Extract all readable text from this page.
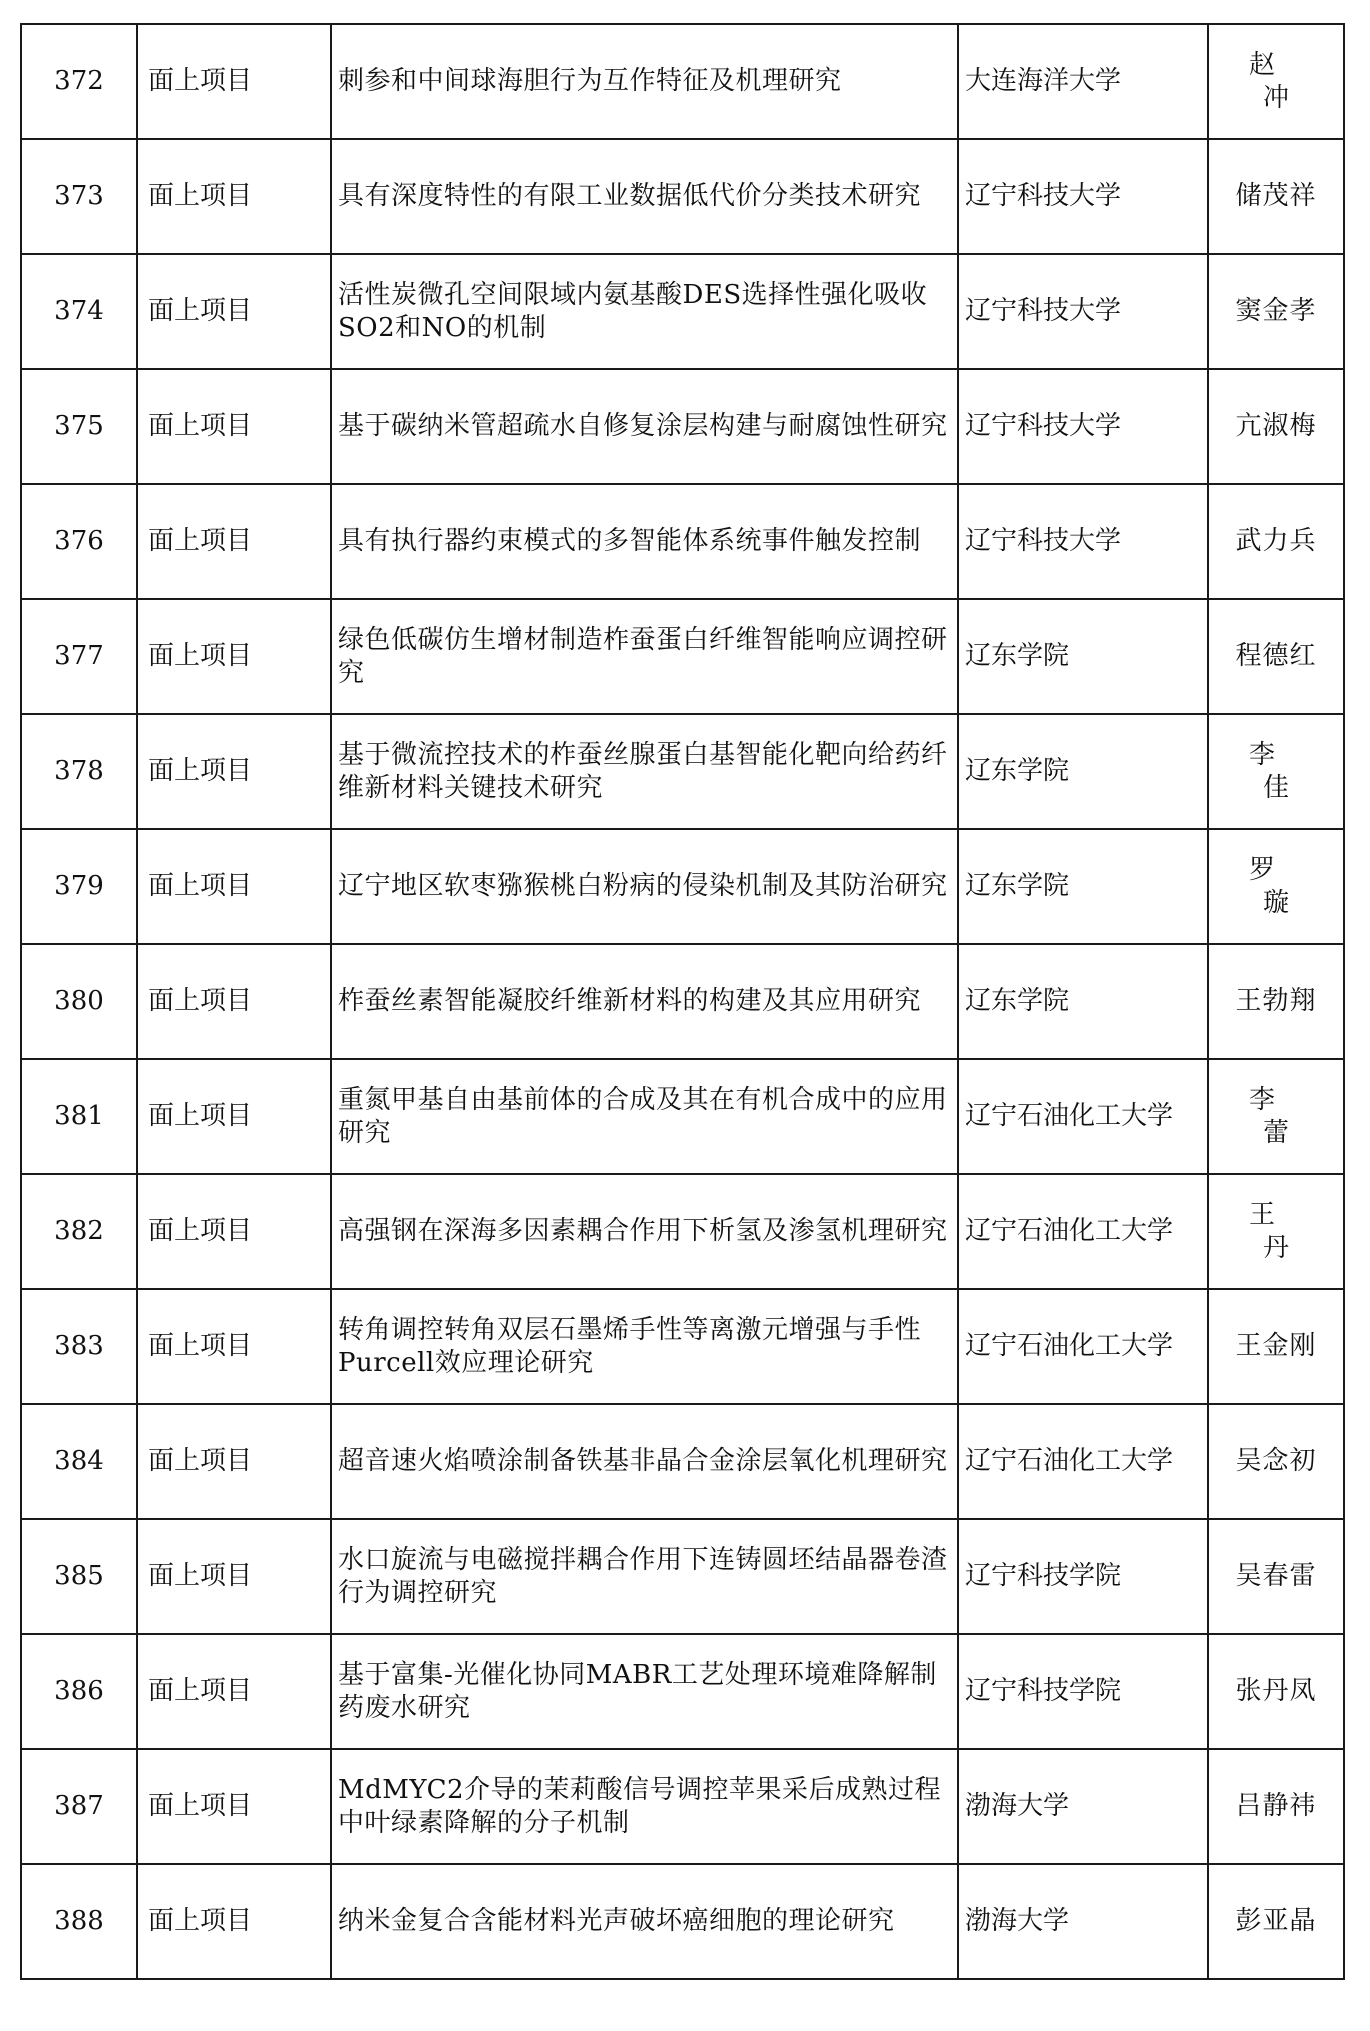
372	面上项目	刺参和中间球海胆行为互作特征及机理研究	大连海洋大学	赵 冲
373	面上项目	具有深度特性的有限工业数据低代价分类技术研究	辽宁科技大学	储茂祥
374	面上项目	活性炭微孔空间限域内氨基酸DES选择性强化吸收SO2和NO的机制	辽宁科技大学	窦金孝
375	面上项目	基于碳纳米管超疏水自修复涂层构建与耐腐蚀性研究	辽宁科技大学	亢淑梅
376	面上项目	具有执行器约束模式的多智能体系统事件触发控制	辽宁科技大学	武力兵
377	面上项目	绿色低碳仿生增材制造柞蚕蛋白纤维智能响应调控研究	辽东学院	程德红
378	面上项目	基于微流控技术的柞蚕丝腺蛋白基智能化靶向给药纤维新材料关键技术研究	辽东学院	李 佳
379	面上项目	辽宁地区软枣猕猴桃白粉病的侵染机制及其防治研究	辽东学院	罗 璇
380	面上项目	柞蚕丝素智能凝胶纤维新材料的构建及其应用研究	辽东学院	王勃翔
381	面上项目	重氮甲基自由基前体的合成及其在有机合成中的应用研究	辽宁石油化工大学	李 蕾
382	面上项目	高强钢在深海多因素耦合作用下析氢及渗氢机理研究	辽宁石油化工大学	王 丹
383	面上项目	转角调控转角双层石墨烯手性等离激元增强与手性Purcell效应理论研究	辽宁石油化工大学	王金刚
384	面上项目	超音速火焰喷涂制备铁基非晶合金涂层氧化机理研究	辽宁石油化工大学	吴念初
385	面上项目	水口旋流与电磁搅拌耦合作用下连铸圆坯结晶器卷渣行为调控研究	辽宁科技学院	吴春雷
386	面上项目	基于富集-光催化协同MABR工艺处理环境难降解制药废水研究	辽宁科技学院	张丹凤
387	面上项目	MdMYC2介导的茉莉酸信号调控苹果采后成熟过程中叶绿素降解的分子机制	渤海大学	吕静祎
388	面上项目	纳米金复合含能材料光声破坏癌细胞的理论研究	渤海大学	彭亚晶
